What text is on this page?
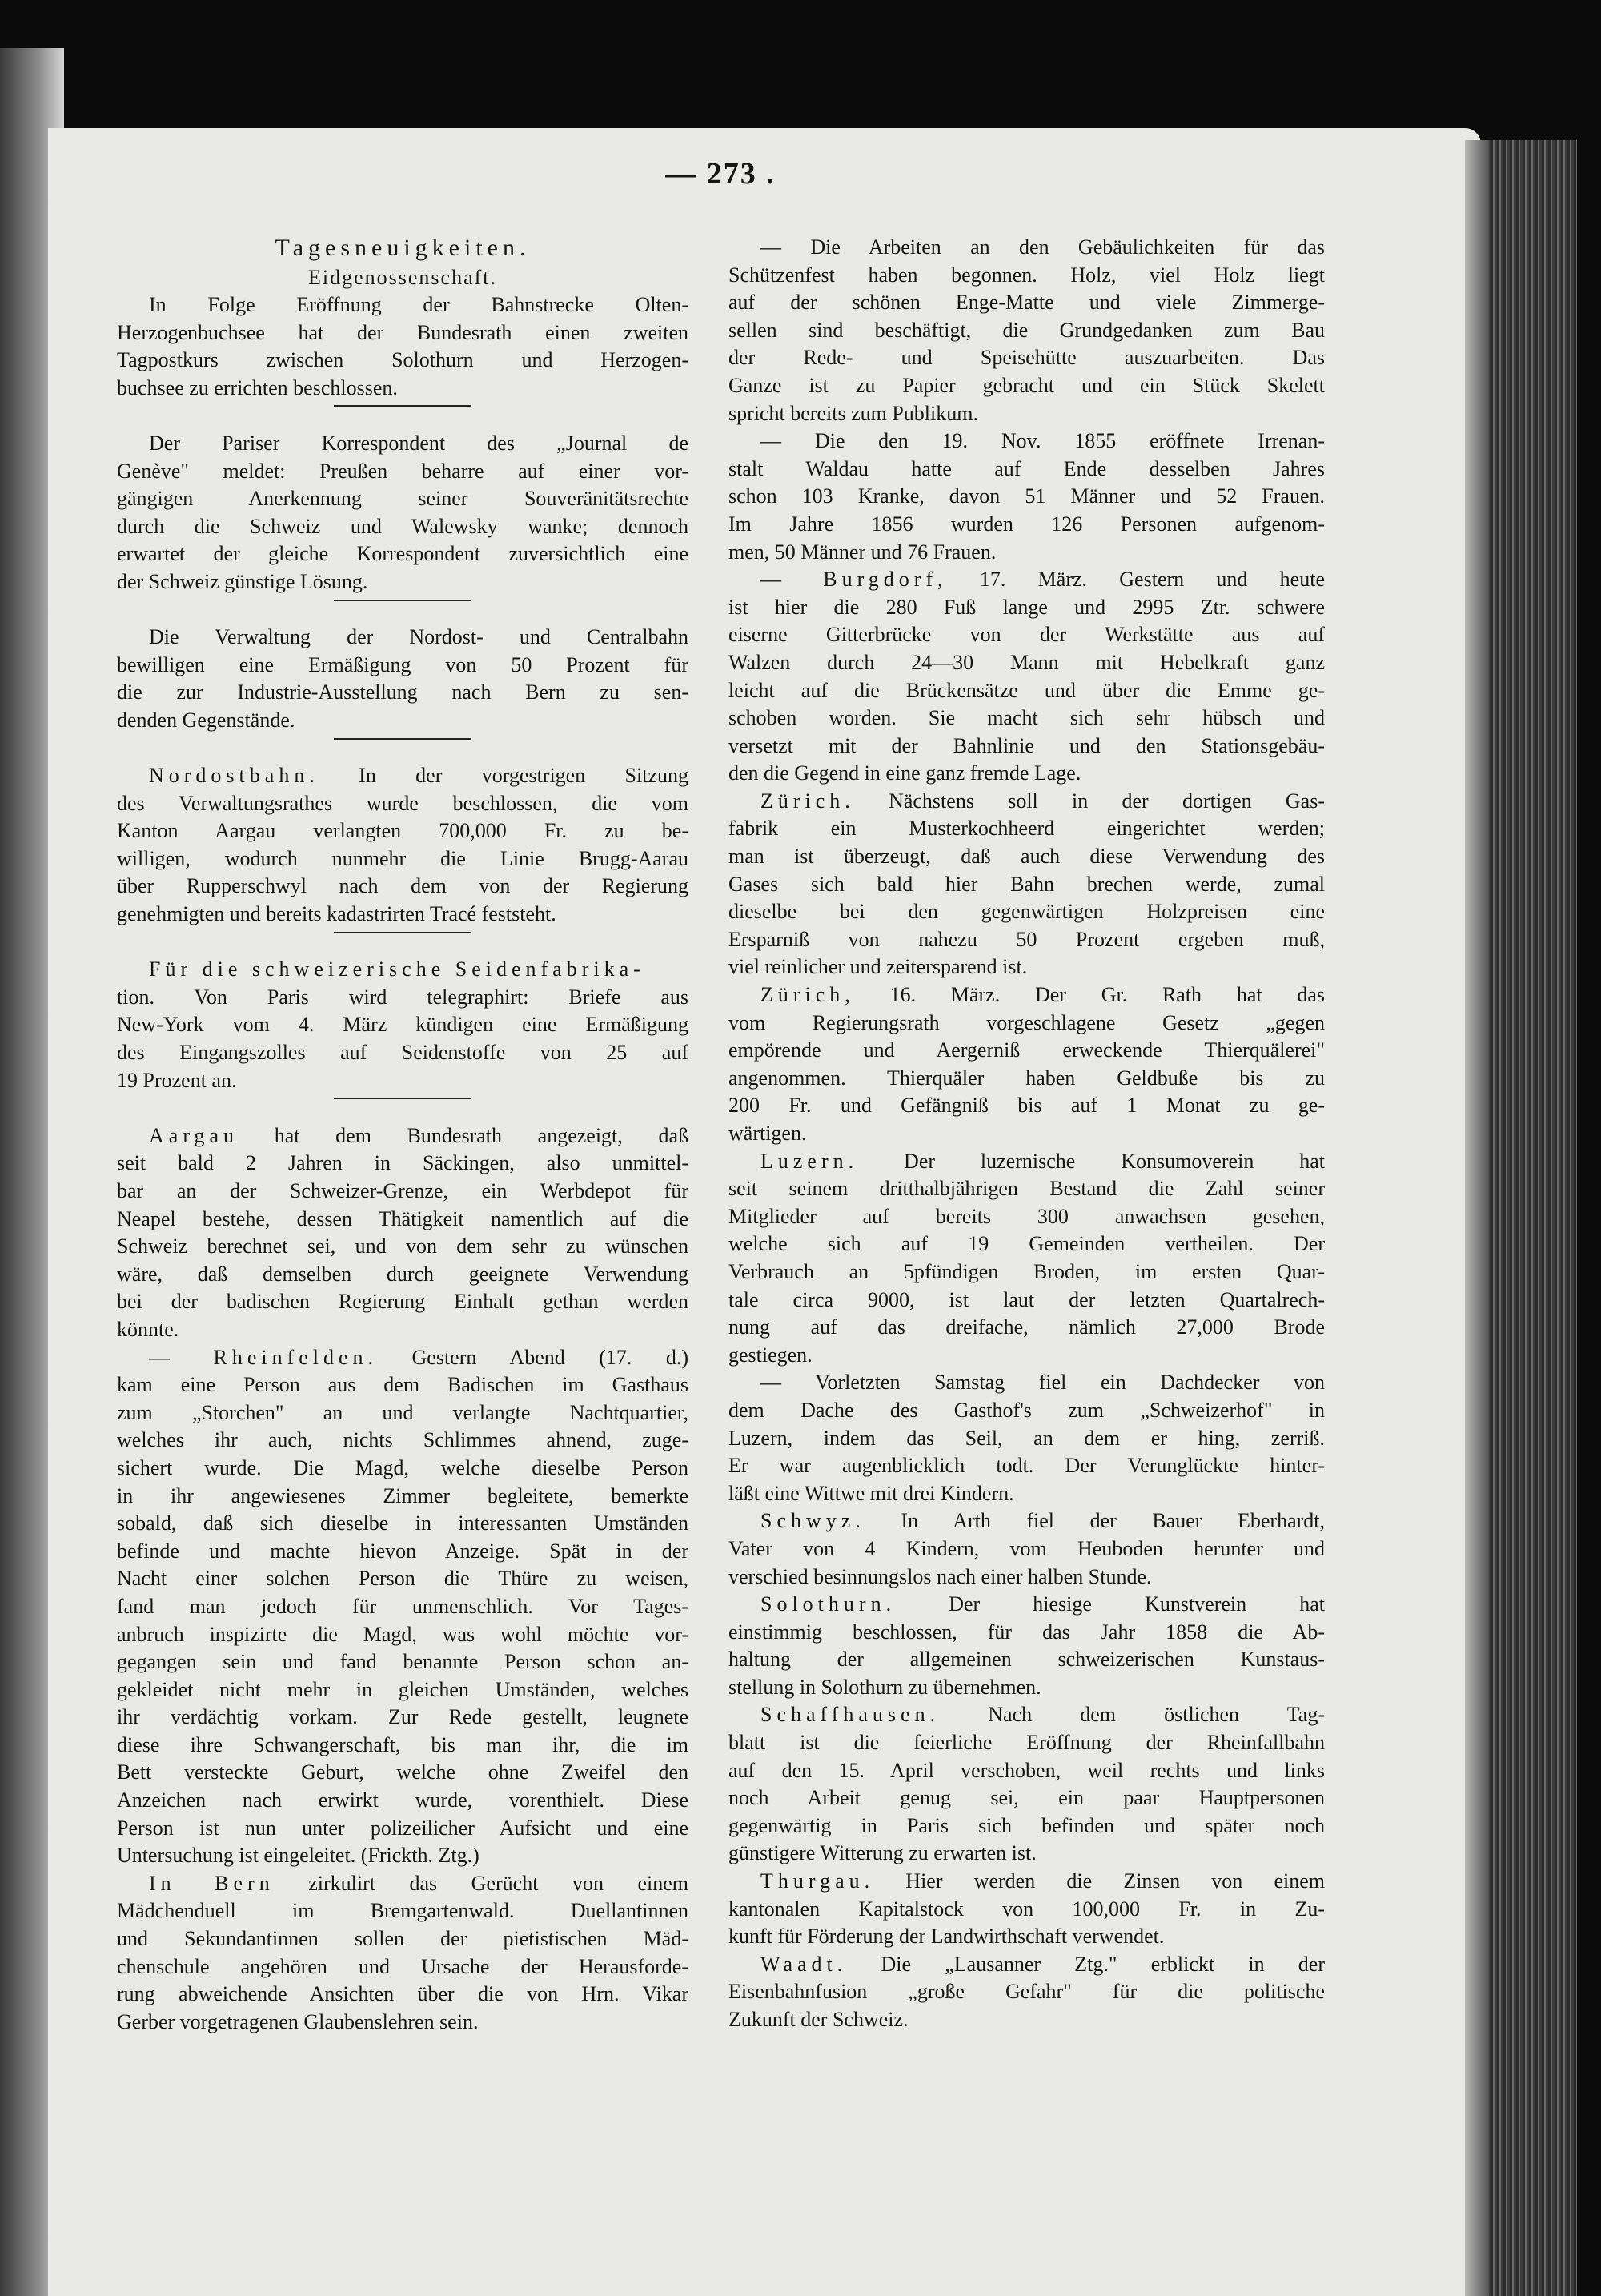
— 273 .
Tagesneuigkeiten.
Eidgenossenschaft.
In Folge Eröffnung der Bahnstrecke Olten-
Herzogenbuchsee hat der Bundesrath einen zweiten
Tagpostkurs zwischen Solothurn und Herzogen-
buchsee zu errichten beschlossen.
Der Pariser Korrespondent des „Journal de
Genève" meldet: Preußen beharre auf einer vor-
gängigen Anerkennung seiner Souveränitätsrechte
durch die Schweiz und Walewsky wanke; dennoch
erwartet der gleiche Korrespondent zuversichtlich eine
der Schweiz günstige Lösung.
Die Verwaltung der Nordost- und Centralbahn
bewilligen eine Ermäßigung von 50 Prozent für
die zur Industrie-Ausstellung nach Bern zu sen-
denden Gegenstände.
Nordostbahn. In der vorgestrigen Sitzung
des Verwaltungsrathes wurde beschlossen, die vom
Kanton Aargau verlangten 700,000 Fr. zu be-
willigen, wodurch nunmehr die Linie Brugg-Aarau
über Rupperschwyl nach dem von der Regierung
genehmigten und bereits kadastrirten Tracé feststeht.
Für die schweizerische Seidenfabrika-
tion. Von Paris wird telegraphirt: Briefe aus
New-York vom 4. März kündigen eine Ermäßigung
des Eingangszolles auf Seidenstoffe von 25 auf
19 Prozent an.
Aargau hat dem Bundesrath angezeigt, daß
seit bald 2 Jahren in Säckingen, also unmittel-
bar an der Schweizer-Grenze, ein Werbdepot für
Neapel bestehe, dessen Thätigkeit namentlich auf die
Schweiz berechnet sei, und von dem sehr zu wünschen
wäre, daß demselben durch geeignete Verwendung
bei der badischen Regierung Einhalt gethan werden
könnte.
— Rheinfelden. Gestern Abend (17. d.)
kam eine Person aus dem Badischen im Gasthaus
zum „Storchen" an und verlangte Nachtquartier,
welches ihr auch, nichts Schlimmes ahnend, zuge-
sichert wurde. Die Magd, welche dieselbe Person
in ihr angewiesenes Zimmer begleitete, bemerkte
sobald, daß sich dieselbe in interessanten Umständen
befinde und machte hievon Anzeige. Spät in der
Nacht einer solchen Person die Thüre zu weisen,
fand man jedoch für unmenschlich. Vor Tages-
anbruch inspizirte die Magd, was wohl möchte vor-
gegangen sein und fand benannte Person schon an-
gekleidet nicht mehr in gleichen Umständen, welches
ihr verdächtig vorkam. Zur Rede gestellt, leugnete
diese ihre Schwangerschaft, bis man ihr, die im
Bett versteckte Geburt, welche ohne Zweifel den
Anzeichen nach erwirkt wurde, vorenthielt. Diese
Person ist nun unter polizeilicher Aufsicht und eine
Untersuchung ist eingeleitet. (Frickth. Ztg.)
In Bern zirkulirt das Gerücht von einem
Mädchenduell im Bremgartenwald. Duellantinnen
und Sekundantinnen sollen der pietistischen Mäd-
chenschule angehören und Ursache der Herausforde-
rung abweichende Ansichten über die von Hrn. Vikar
Gerber vorgetragenen Glaubenslehren sein.
— Die Arbeiten an den Gebäulichkeiten für das
Schützenfest haben begonnen. Holz, viel Holz liegt
auf der schönen Enge-Matte und viele Zimmerge-
sellen sind beschäftigt, die Grundgedanken zum Bau
der Rede- und Speisehütte auszuarbeiten. Das
Ganze ist zu Papier gebracht und ein Stück Skelett
spricht bereits zum Publikum.
— Die den 19. Nov. 1855 eröffnete Irrenan-
stalt Waldau hatte auf Ende desselben Jahres
schon 103 Kranke, davon 51 Männer und 52 Frauen.
Im Jahre 1856 wurden 126 Personen aufgenom-
men, 50 Männer und 76 Frauen.
— Burgdorf, 17. März. Gestern und heute
ist hier die 280 Fuß lange und 2995 Ztr. schwere
eiserne Gitterbrücke von der Werkstätte aus auf
Walzen durch 24—30 Mann mit Hebelkraft ganz
leicht auf die Brückensätze und über die Emme ge-
schoben worden. Sie macht sich sehr hübsch und
versetzt mit der Bahnlinie und den Stationsgebäu-
den die Gegend in eine ganz fremde Lage.
Zürich. Nächstens soll in der dortigen Gas-
fabrik ein Musterkochheerd eingerichtet werden;
man ist überzeugt, daß auch diese Verwendung des
Gases sich bald hier Bahn brechen werde, zumal
dieselbe bei den gegenwärtigen Holzpreisen eine
Ersparniß von nahezu 50 Prozent ergeben muß,
viel reinlicher und zeitersparend ist.
Zürich, 16. März. Der Gr. Rath hat das
vom Regierungsrath vorgeschlagene Gesetz „gegen
empörende und Aergerniß erweckende Thierquälerei"
angenommen. Thierquäler haben Geldbuße bis zu
200 Fr. und Gefängniß bis auf 1 Monat zu ge-
wärtigen.
Luzern. Der luzernische Konsumoverein hat
seit seinem dritthalbjährigen Bestand die Zahl seiner
Mitglieder auf bereits 300 anwachsen gesehen,
welche sich auf 19 Gemeinden vertheilen. Der
Verbrauch an 5pfündigen Broden, im ersten Quar-
tale circa 9000, ist laut der letzten Quartalrech-
nung auf das dreifache, nämlich 27,000 Brode
gestiegen.
— Vorletzten Samstag fiel ein Dachdecker von
dem Dache des Gasthof's zum „Schweizerhof" in
Luzern, indem das Seil, an dem er hing, zerriß.
Er war augenblicklich todt. Der Verunglückte hinter-
läßt eine Wittwe mit drei Kindern.
Schwyz. In Arth fiel der Bauer Eberhardt,
Vater von 4 Kindern, vom Heuboden herunter und
verschied besinnungslos nach einer halben Stunde.
Solothurn. Der hiesige Kunstverein hat
einstimmig beschlossen, für das Jahr 1858 die Ab-
haltung der allgemeinen schweizerischen Kunstaus-
stellung in Solothurn zu übernehmen.
Schaffhausen. Nach dem östlichen Tag-
blatt ist die feierliche Eröffnung der Rheinfallbahn
auf den 15. April verschoben, weil rechts und links
noch Arbeit genug sei, ein paar Hauptpersonen
gegenwärtig in Paris sich befinden und später noch
günstigere Witterung zu erwarten ist.
Thurgau. Hier werden die Zinsen von einem
kantonalen Kapitalstock von 100,000 Fr. in Zu-
kunft für Förderung der Landwirthschaft verwendet.
Waadt. Die „Lausanner Ztg." erblickt in der
Eisenbahnfusion „große Gefahr" für die politische
Zukunft der Schweiz.
